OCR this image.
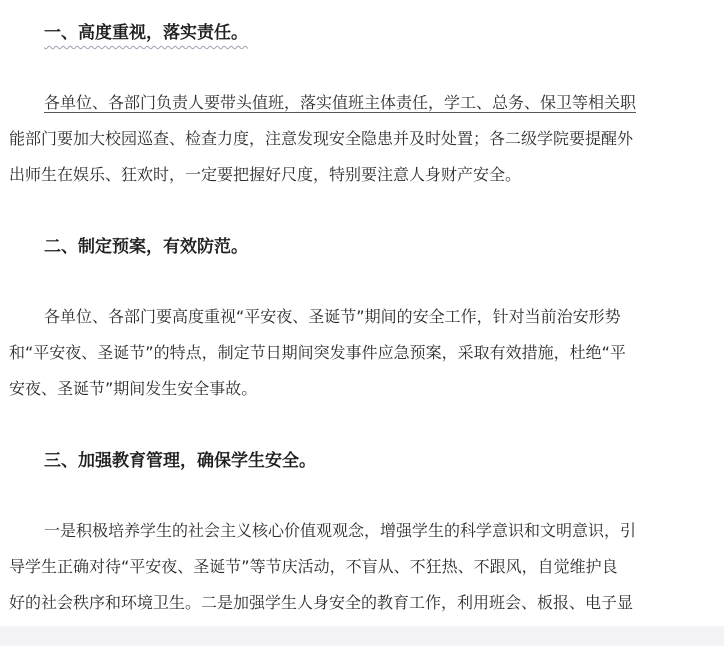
一、高度重视，落实责任。
各单位、各部门负责人要带头值班，落实值班主体责任，学工、总务、保卫等相关职
能部门要加大校园巡查、检查力度，注意发现安全隐患并及时处置；各二级学院要提醒外
出师生在娱乐、狂欢时，一定要把握好尺度，特别要注意人身财产安全。
二、制定预案，有效防范。
各单位、各部门要高度重视“平安夜、圣诞节”期间的安全工作，针对当前治安形势
和“平安夜、圣诞节”的特点，制定节日期间突发事件应急预案，采取有效措施，杜绝“平
安夜、圣诞节”期间发生安全事故。
三、加强教育管理，确保学生安全。
一是积极培养学生的社会主义核心价值观观念，增强学生的科学意识和文明意识，引
导学生正确对待“平安夜、圣诞节”等节庆活动，不盲从、不狂热、不跟风，自觉维护良
好的社会秩序和环境卫生。二是加强学生人身安全的教育工作，利用班会、板报、电子显
